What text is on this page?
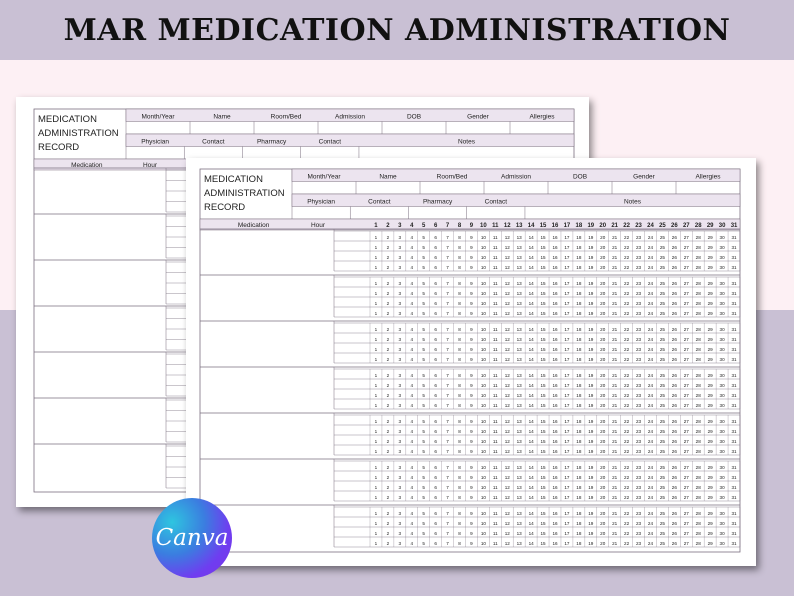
MAR MEDICATION ADMINISTRATION
MEDICATION
ADMINISTRATION
RECORD
Month/Year	Name	Room/Bed	Admission	DOB	Gender	Allergies
Physician	Contact	Pharmacy	Contact	Notes
Medication	Hour
MEDICATION
ADMINISTRATION
RECORD
Month/Year	Name	Room/Bed	Admission	DOB	Gender	Allergies
Physician	Contact	Pharmacy	Contact	Notes
Medication	Hour	1 2 3 4 5 6 7 8 9 10 11 12 13 14 15 16 17 18 19 20 21 22 23 24 25 26 27 28 29 30 31
1 2 3 4 5 6 7 8 9 10 11 12 13 14 15 16 17 18 19 20 21 22 23 24 25 26 27 28 29 30 31
1 2 3 4 5 6 7 8 9 10 11 12 13 14 15 16 17 18 19 20 21 22 23 24 25 26 27 28 29 30 31
1 2 3 4 5 6 7 8 9 10 11 12 13 14 15 16 17 18 19 20 21 22 23 24 25 26 27 28 29 30 31
1 2 3 4 5 6 7 8 9 10 11 12 13 14 15 16 17 18 19 20 21 22 23 24 25 26 27 28 29 30 31
1 2 3 4 5 6 7 8 9 10 11 12 13 14 15 16 17 18 19 20 21 22 23 24 25 26 27 28 29 30 31
1 2 3 4 5 6 7 8 9 10 11 12 13 14 15 16 17 18 19 20 21 22 23 24 25 26 27 28 29 30 31
1 2 3 4 5 6 7 8 9 10 11 12 13 14 15 16 17 18 19 20 21 22 23 24 25 26 27 28 29 30 31
1 2 3 4 5 6 7 8 9 10 11 12 13 14 15 16 17 18 19 20 21 22 23 24 25 26 27 28 29 30 31
1 2 3 4 5 6 7 8 9 10 11 12 13 14 15 16 17 18 19 20 21 22 23 24 25 26 27 28 29 30 31
1 2 3 4 5 6 7 8 9 10 11 12 13 14 15 16 17 18 19 20 21 22 23 24 25 26 27 28 29 30 31
1 2 3 4 5 6 7 8 9 10 11 12 13 14 15 16 17 18 19 20 21 22 23 24 25 26 27 28 29 30 31
1 2 3 4 5 6 7 8 9 10 11 12 13 14 15 16 17 18 19 20 21 22 23 24 25 26 27 28 29 30 31
1 2 3 4 5 6 7 8 9 10 11 12 13 14 15 16 17 18 19 20 21 22 23 24 25 26 27 28 29 30 31
1 2 3 4 5 6 7 8 9 10 11 12 13 14 15 16 17 18 19 20 21 22 23 24 25 26 27 28 29 30 31
1 2 3 4 5 6 7 8 9 10 11 12 13 14 15 16 17 18 19 20 21 22 23 24 25 26 27 28 29 30 31
1 2 3 4 5 6 7 8 9 10 11 12 13 14 15 16 17 18 19 20 21 22 23 24 25 26 27 28 29 30 31
1 2 3 4 5 6 7 8 9 10 11 12 13 14 15 16 17 18 19 20 21 22 23 24 25 26 27 28 29 30 31
1 2 3 4 5 6 7 8 9 10 11 12 13 14 15 16 17 18 19 20 21 22 23 24 25 26 27 28 29 30 31
1 2 3 4 5 6 7 8 9 10 11 12 13 14 15 16 17 18 19 20 21 22 23 24 25 26 27 28 29 30 31
1 2 3 4 5 6 7 8 9 10 11 12 13 14 15 16 17 18 19 20 21 22 23 24 25 26 27 28 29 30 31
1 2 3 4 5 6 7 8 9 10 11 12 13 14 15 16 17 18 19 20 21 22 23 24 25 26 27 28 29 30 31
1 2 3 4 5 6 7 8 9 10 11 12 13 14 15 16 17 18 19 20 21 22 23 24 25 26 27 28 29 30 31
1 2 3 4 5 6 7 8 9 10 11 12 13 14 15 16 17 18 19 20 21 22 23 24 25 26 27 28 29 30 31
1 2 3 4 5 6 7 8 9 10 11 12 13 14 15 16 17 18 19 20 21 22 23 24 25 26 27 28 29 30 31
1 2 3 4 5 6 7 8 9 10 11 12 13 14 15 16 17 18 19 20 21 22 23 24 25 26 27 28 29 30 31
1 2 3 4 5 6 7 8 9 10 11 12 13 14 15 16 17 18 19 20 21 22 23 24 25 26 27 28 29 30 31
1 2 3 4 5 6 7 8 9 10 11 12 13 14 15 16 17 18 19 20 21 22 23 24 25 26 27 28 29 30 31
1 2 3 4 5 6 7 8 9 10 11 12 13 14 15 16 17 18 19 20 21 22 23 24 25 26 27 28 29 30 31
Canva
